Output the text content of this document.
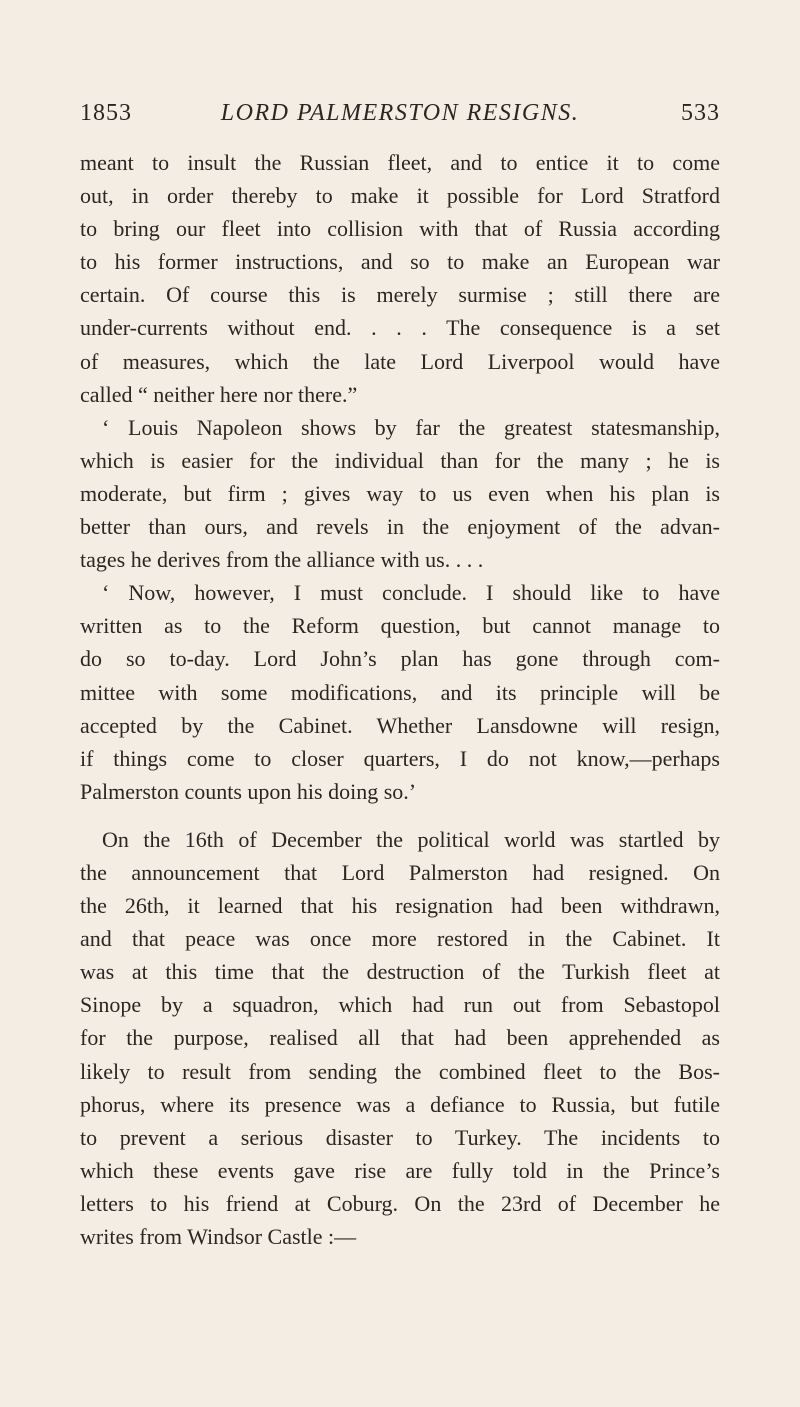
1853	LORD PALMERSTON RESIGNS.	533
meant to insult the Russian fleet, and to entice it to come
out, in order thereby to make it possible for Lord Stratford
to bring our fleet into collision with that of Russia according
to his former instructions, and so to make an European war
certain. Of course this is merely surmise ; still there are
under-currents without end. . . . The consequence is a set
of measures, which the late Lord Liverpool would have
called “ neither here nor there.”
‘ Louis Napoleon shows by far the greatest statesmanship,
which is easier for the individual than for the many ; he is
moderate, but firm ; gives way to us even when his plan is
better than ours, and revels in the enjoyment of the advan-
tages he derives from the alliance with us. . . .
‘ Now, however, I must conclude. I should like to have
written as to the Reform question, but cannot manage to
do so to-day. Lord John’s plan has gone through com-
mittee with some modifications, and its principle will be
accepted by the Cabinet. Whether Lansdowne will resign,
if things come to closer quarters, I do not know,—perhaps
Palmerston counts upon his doing so.’
On the 16th of December the political world was startled by
the announcement that Lord Palmerston had resigned. On
the 26th, it learned that his resignation had been withdrawn,
and that peace was once more restored in the Cabinet. It
was at this time that the destruction of the Turkish fleet at
Sinope by a squadron, which had run out from Sebastopol
for the purpose, realised all that had been apprehended as
likely to result from sending the combined fleet to the Bos-
phorus, where its presence was a defiance to Russia, but futile
to prevent a serious disaster to Turkey. The incidents to
which these events gave rise are fully told in the Prince’s
letters to his friend at Coburg. On the 23rd of December he
writes from Windsor Castle :—
